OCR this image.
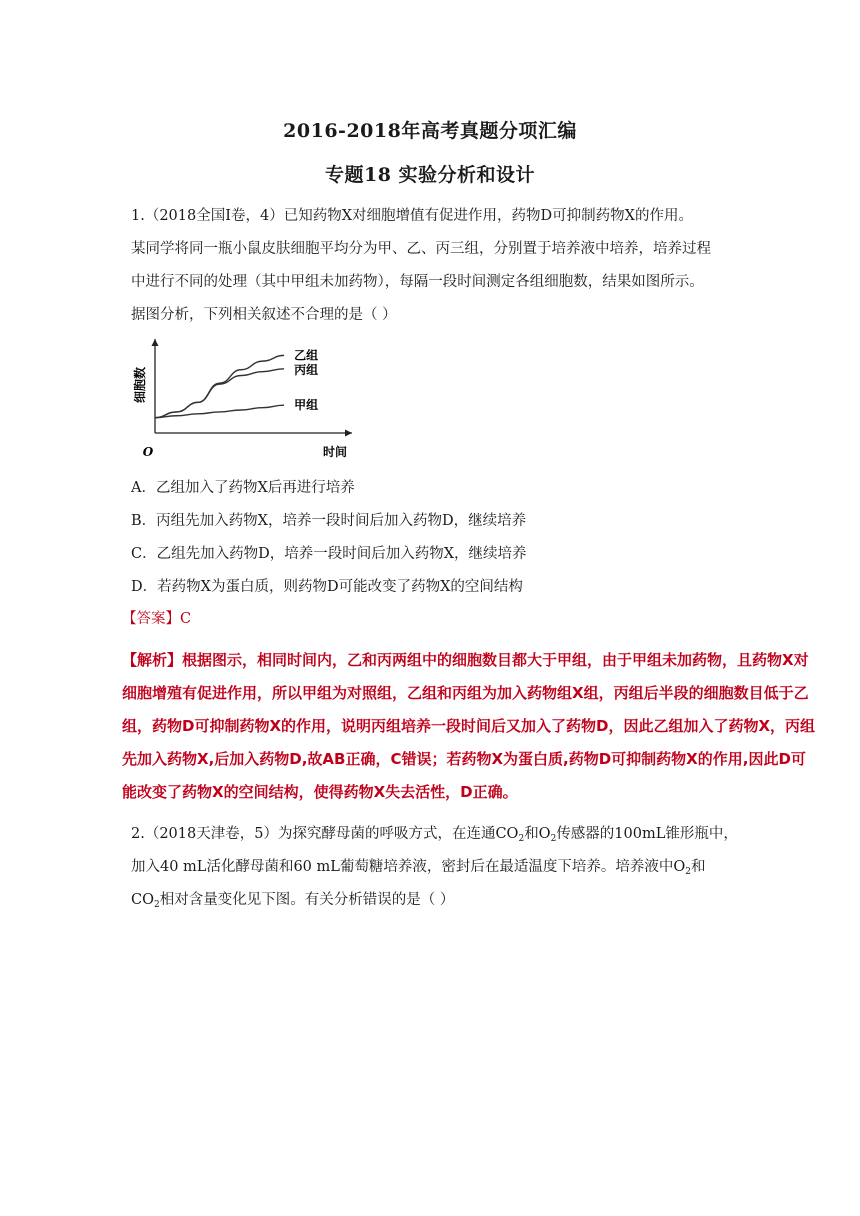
2016-2018年高考真题分项汇编
专题18 实验分析和设计
1.（2018全国Ⅰ卷，4）已知药物X对细胞增值有促进作用，药物D可抑制药物X的作用。
某同学将同一瓶小鼠皮肤细胞平均分为甲、乙、丙三组，分别置于培养液中培养，培养过程
中进行不同的处理（其中甲组未加药物），每隔一段时间测定各组细胞数，结果如图所示。
据图分析，下列相关叙述不合理的是（ ）
O	时间
细胞数
乙组
丙组
甲组
A．乙组加入了药物X后再进行培养
B．丙组先加入药物X，培养一段时间后加入药物D，继续培养
C．乙组先加入药物D，培养一段时间后加入药物X，继续培养
D．若药物X为蛋白质，则药物D可能改变了药物X的空间结构
【答案】C
【解析】根据图示，相同时间内，乙和丙两组中的细胞数目都大于甲组，由于甲组未加药物，且药物X对
细胞增殖有促进作用，所以甲组为对照组，乙组和丙组为加入药物组X组，丙组后半段的细胞数目低于乙
组，药物D可抑制药物X的作用，说明丙组培养一段时间后又加入了药物D，因此乙组加入了药物X，丙组
先加入药物X,后加入药物D,故AB正确，C错误；若药物X为蛋白质,药物D可抑制药物X的作用,因此D可
能改变了药物X的空间结构，使得药物X失去活性，D正确。
2.（2018天津卷，5）为探究酵母菌的呼吸方式，在连通$CO_2$和$O_2$传感器的100mL锥形瓶中，
加入40 mL活化酵母菌和60 mL葡萄糖培养液，密封后在最适温度下培养。培养液中$O_2$和
$CO_2$相对含量变化见下图。有关分析错误的是（ ）
